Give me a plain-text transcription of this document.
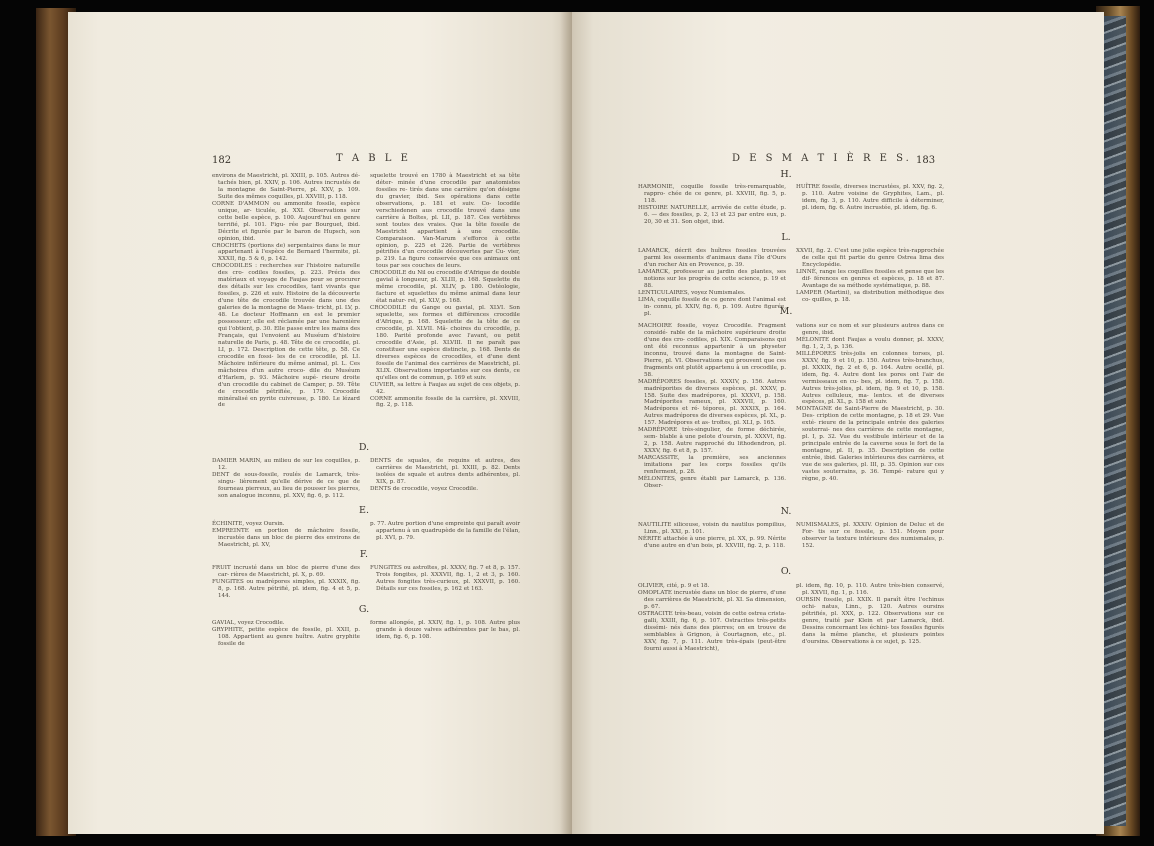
182	T A B L E

environs de Maestricht, pl. XXIII, p. 105. Autres dé- tachés bien, pl. XXIV, p. 106. Autres incrustés de la montagne de Saint-Pierre, pl. XXV, p. 109. Suite des mêmes coquilles, pl. XXVIII, p. 118.

CORNE D'AMMON ou ammonite fossile, espèce unique, ar- ticulée, pl. XXI. Observations sur cette belle espèce, p. 100. Aujourd'hui en genre terrifié, pl. 101. Figu- rée par Bourguet, ibid. Décrite et figurée par le baron de Hupsch, son opinion, ibid.

CROCHETS (portions de) serpentaires dans le mur appartenant à l'espèce de Bernard l'hermite, pl. XXXII, fig. 5 & 6, p. 142.

CROCODILES : recherches sur l'histoire naturelle des cro- codiles fossiles, p. 223. Précis des matériaux et voyage de Faujas pour se procurer des détails sur les crocodiles, tant vivants que fossiles, p. 226 et suiv. Histoire de la découverte d'une tête de crocodile trouvée dans une des galeries de la montagne de Maes- tricht, pl. LV, p. 48. Le docteur Hoffmann en est le premier possesseur; elle est réclamée par une harenière qui l'obtient, p. 30. Elle passe entre les mains des Français, qui l'envoient au Muséum d'histoire naturelle de Paris, p. 48. Tête de ce crocodile, pl. LI, p. 172. Description de cette tête, p. 58. Ce crocodile en fossi- les de ce crocodile, pl. LI. Mâchoire inférieure du même animal, pl. L. Ces mâchoires d'un autre croco- dile du Muséum d'Harlem, p. 93. Mâchoire supé- rieure droite d'un crocodile du cabinet de Camper, p. 59. Tête de crocodile pétrifiée, p. 179. Crocodile minéralisé en pyrite cuivreuse, p. 180. Le lézard de

squelette trouvé en 1780 à Maestricht et sa tête déter- minée d'une crocodile par anatomistes fossiles re- tirés dans une carrière qu'on désigne du gravier, ibid. Ses opérations dans cette observations, p. 181 et suiv. Co- locodile verschiedenen aus crocodile trouvé dans une carrière à Boltes, pl. LII, p. 187. Ces vertèbres sont toutes des vraies. Que la tête fossile de Maestricht appartient à une crocodile. Comparaison. Van-Marum s'efforce à cette opinion, p. 225 et 226. Partie de vertèbres pétrifiés d'un crocodile découvertes par Cu- vier, p. 219. La figure conservée que ces animaux ont tous par ses couches de leurs.

CROCODILE du Nil ou crocodile d'Afrique de double gavial à longueur, pl. XLIII, p. 168. Squelette du même crocodile, pl. XLIV, p. 180. Ostéologie, facture et squelettes du même animal dans leur état natur- rel, pl. XLV, p. 168.

CROCODILE du Gange ou gavial, pl. XLVI. Son squelette, ses formes et différences crocodile d'Afrique, p. 168. Squelette de la tête de ce crocodile, pl. XLVII. Mâ- choires du crocodile, p. 180. Parité profonde avec l'avant, ou petit crocodile d'Asie, pl. XLVIII. Il ne paraît pas constituer une espèce distincte, p. 168. Dents de diverses espèces de crocodiles, et d'une dent fossile de l'animal des carrières de Maestricht, pl. XLIX. Observations importantes sur ces dents, ce qu'elles ont de commun, p. 169 et suiv.

CUVIER, sa lettre à Faujas au sujet de ces objets, p. 42.

CORNE ammonite fossile de la carrière, pl. XXVIII, fig. 2, p. 118.

D.

DAMIER MARIN, au milieu de sur les coquilles, p. 12.

DENT de sous-fossile, roulés de Lamarck, très-singu- lièrement qu'elle dérive de ce que de fourneau pierreux, au lieu de pousser les pierres, son analogue inconnu, pl. XXV, fig. 6, p. 112.

DENTS de squales, de requins et autres, des carrières de Maestricht, pl. XXIII, p. 82. Dents isolées de squale et autres dents adhérentes, pl. XIX, p. 87.

DENTS de crocodile, voyez Crocodile.

E.

ÉCHINITE, voyez Oursin.

EMPREINTE en portion de mâchoire fossile, incrustée dans un bloc de pierre des environs de Maestricht, pl. XV,

p. 77. Autre portion d'une empreinte qui paraît avoir appartenu à un quadrupède de la famille de l'élan, pl. XVI, p. 79.

F.

FRUIT incrusté dans un bloc de pierre d'une des car- rières de Maestricht, pl. X, p. 69.

FUNGITES ou madrépores simples, pl. XXXIX, fig. 8, p. 168. Autre pétrifié, pl. idem, fig. 4 et 5, p. 144.

FUNGITES ou astroïtes, pl. XXXV, fig. 7 et 8, p. 157. Trois fongites, pl. XXXVII, fig. 1, 2 et 3, p. 160. Autres fongites très-curieux, pl. XXXVII, p. 160. Détails sur ces fossiles, p. 162 et 163.

G.

GAVIAL, voyez Crocodile.

GRYPHITE, petite espèce de fossile, pl. XXII, p. 108. Appartient au genre huître. Autre gryphite fossile de

forme allongée, pl. XXIV, fig. 1, p. 108. Autre plus grande à douze valves adhérentes par le bas, pl. idem, fig. 6, p. 108.

D E S M A T I È R E S. 183
H.

HARMONIE, coquille fossile très-remarquable, rappro- chée de ce genre, pl. XXVIII, fig. 5, p. 118.

HISTOIRE NATURELLE, arrivée de cette étude, p. 6. — des fossiles, p. 2, 13 et 23 par entre eux, p. 20, 30 et 31. Son objet, ibid.

HUÎTRE fossile, diverses incrustées, pl. XXV, fig. 2, p. 110. Autre voisine de Gryphites, Lam., pl. idem, fig. 3, p. 110. Autre difficile à déterminer, pl. idem, fig. 6. Autre incrustée, pl. idem, fig. 6.

L.

LAMARCK, décrit des huîtres fossiles trouvées parmi les ossements d'animaux dans l'île d'Ours d'un rocher Aix en Provence, p. 39.

LAMARCK, professeur au jardin des plantes, ses notions sur les progrès de cette science, p. 19 et 88.

LENTICULAIRES, voyez Numismales.

LIMA, coquille fossile de ce genre dont l'animal est in- connu, pl. XXIV, fig. 6, p. 109. Autre figurée, pl.

XXVII, fig. 2. C'est une jolie espèce très-rapprochée de celle qui fit partie du genre Ostrea lima des Encyclopédie.

LINNÉ, range les coquilles fossiles et pense que les dif- férences en genres et espèces, p. 18 et 87. Avantage de sa méthode systématique, p. 88.

LAMPER (Martini), sa distribution méthodique des co- quilles, p. 18.

M.

MACHOIRE fossile, voyez Crocodile. Fragment considé- rable de la mâchoire supérieure droite d'une des cro- codiles, pl. XIX. Comparaisons qui ont été reconnus appartenir à un physeter inconnu, trouvé dans la montagne de Saint-Pierre, pl. VI. Observations qui prouvent que ces fragments ont plutôt appartenu à un crocodile, p. 58.

MADRÉPORES fossiles, pl. XXXIV, p. 156. Autres madréporites de diverses espèces, pl. XXXV, p. 158. Suite des madrépores, pl. XXXVI, p. 158. Madréporites rameux, pl. XXXVII, p. 160. Madrépores et ré- tépores, pl. XXXIX, p. 164. Autres madrépores de diverses espèces, pl. XL, p. 157. Madrépores et as- troïtes, pl. XLI, p. 165.

MADRÉPORE très-singulier, de forme déchirée, sem- blable à une pelote d'oursin, pl. XXXVI, fig. 2, p. 158. Autre rapproché du lithodendron, pl. XXXV, fig. 6 et 8, p. 157.

MARCASSITE, la première, ses anciennes imitations par les corps fossiles qu'ils renferment, p. 28.

MÉLONITES, genre établi par Lamarck, p. 136. Obser-

vations sur ce nom et sur plusieurs autres dans ce genre, ibid.

MÉLONITE dont Faujas a voulu donner, pl. XXXV, fig. 1, 2, 3, p. 136.

MILLÉPORES très-jolis en colonnes torses, pl. XXXV, fig. 9 et 10, p. 150. Autres très-branchus, pl. XXXIX, fig. 2 et 6, p. 164. Autre ocellé, pl. idem, fig. 4. Autre dont les pores ont l'air de vermisseaux en cu- bes, pl. idem, fig. 7, p. 158. Autres très-jolies, pl. idem, fig. 9 et 10, p. 158. Autres celluleux, ma- lentcs. et de diverses espèces, pl. XL, p. 158 et suiv.

MONTAGNE de Saint-Pierre de Maestricht, p. 30. Des- cription de cette montagne, p. 18 et 29. Vue exté- rieure de la principale entrée des galeries souterrai- nes des carrières de cette montagne, pl. I, p. 32. Vue du vestibule intérieur et de la principale entrée de la caverne sous le fort de la montagne, pl. II, p. 35. Description de cette entrée, ibid. Galeries intérieures des carrières, et vue de ses galeries, pl. III, p. 35. Opinion sur ces vastes souterrains, p. 36. Tempé- rature qui y règne, p. 40.

N.

NAUTILITE siliceuse, voisin du nautilus pompilius, Linn., pl. XXI, p. 101.

NÉRITE attachée à une pierre, pl. XX, p. 99. Nérite d'une autre en d'un bois, pl. XXVIII, fig. 2, p. 118.

NUMISMALES, pl. XXXIV. Opinion de Deluc et de For- tis sur ce fossile, p. 151. Moyen pour observer la texture intérieure des numismales, p. 152.

O.

OLIVIER, cité, p. 9 et 18.

OMOPLATE incrustée dans un bloc de pierre, d'une des carrières de Maestricht, pl. XI. Sa dimension, p. 67.

OSTRACITE très-beau, voisin de cette ostrea crista-galli, XXIII, fig. 6, p. 107. Ostracites très-petits dissémi- nés dans des pierres; on en trouve de semblables à Grignon, à Courtagnon, etc., pl. XXV, fig. 7, p. 111. Autre très-épais (peut-être fourni aussi à Maestricht),

pl. idem, fig. 10, p. 110. Autre très-bien conservé, pl. XXVII, fig. 1, p. 116.

OURSIN fossile, pl. XXIX. Il paraît être l'echinus ochi- natus, Linn., p. 120. Autres oursins pétrifiés, pl. XXX, p. 122. Observations sur ce genre, traité par Klein et par Lamarck, ibid. Dessins concernant les échini- tes fossiles figurés dans la même planche, et plusieurs pointes d'oursins. Observations à ce sujet, p. 125.
